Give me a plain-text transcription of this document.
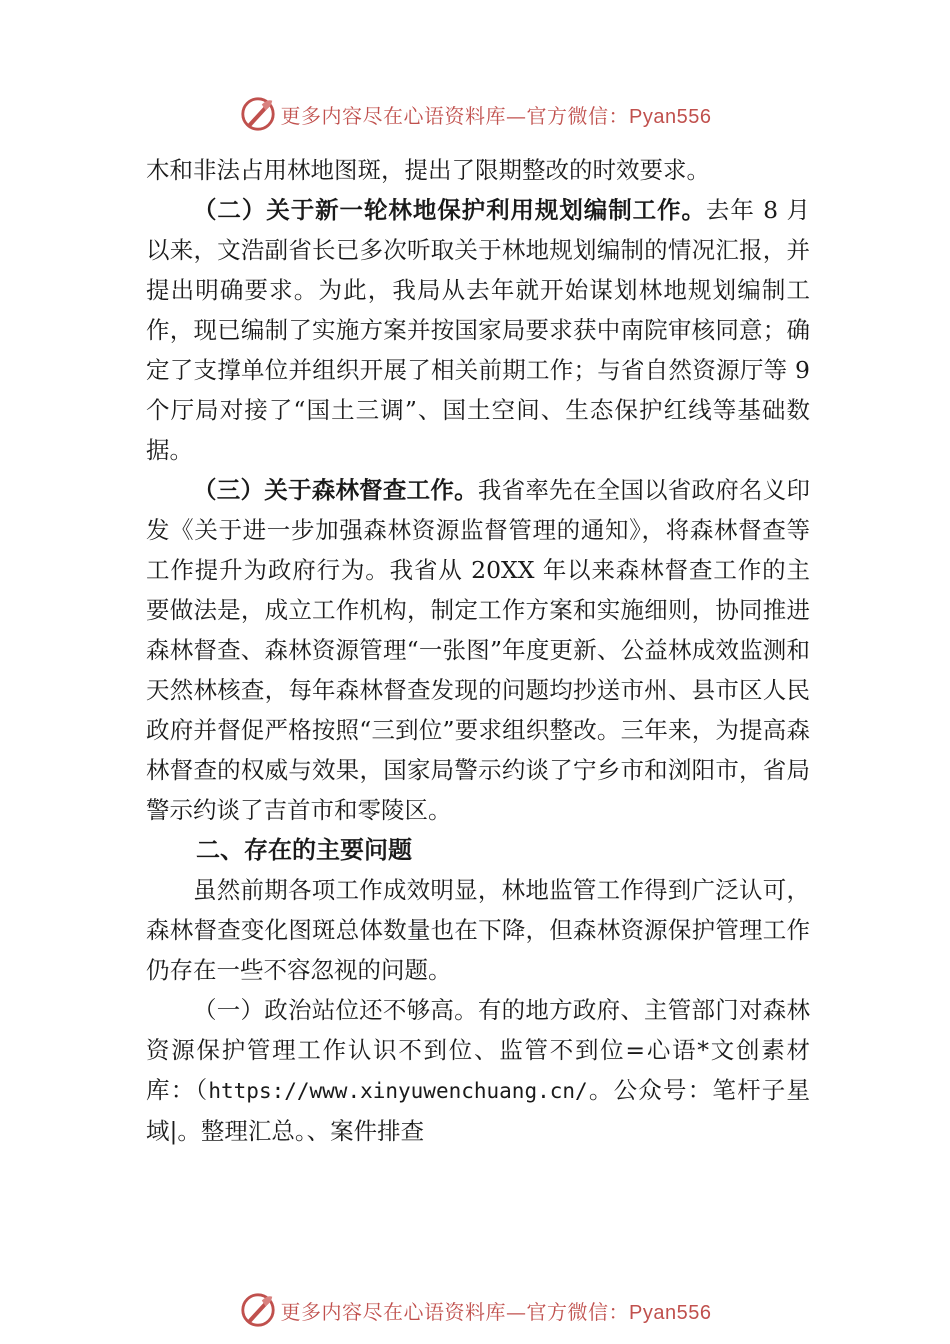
更多内容尽在心语资料库—官方微信：Pyan556

木和非法占用林地图斑，提出了限期整改的时效要求。

（二）关于新一轮林地保护利用规划编制工作。去年 8 月以来，文浩副省长已多次听取关于林地规划编制的情况汇报，并提出明确要求。为此，我局从去年就开始谋划林地规划编制工作，现已编制了实施方案并按国家局要求获中南院审核同意；确定了支撑单位并组织开展了相关前期工作；与省自然资源厅等 9 个厅局对接了“国土三调”、国土空间、生态保护红线等基础数据。

（三）关于森林督查工作。我省率先在全国以省政府名义印发《关于进一步加强森林资源监督管理的通知》，将森林督查等工作提升为政府行为。我省从 20XX 年以来森林督查工作的主要做法是，成立工作机构，制定工作方案和实施细则，协同推进森林督查、森林资源管理“一张图”年度更新、公益林成效监测和天然林核查，每年森林督查发现的问题均抄送市州、县市区人民政府并督促严格按照“三到位”要求组织整改。三年来，为提高森林督查的权威与效果，国家局警示约谈了宁乡市和浏阳市，省局警示约谈了吉首市和零陵区。

二、存在的主要问题

虽然前期各项工作成效明显，林地监管工作得到广泛认可，森林督查变化图斑总体数量也在下降，但森林资源保护管理工作仍存在一些不容忽视的问题。

（一）政治站位还不够高。有的地方政府、主管部门对森林资源保护管理工作认识不到位、监管不到位=心语*文创素材库：（https://www.xinyuwenchuang.cn/。公众号：笔杆子星域|。整理汇总。、案件排查

更多内容尽在心语资料库—官方微信：Pyan556
